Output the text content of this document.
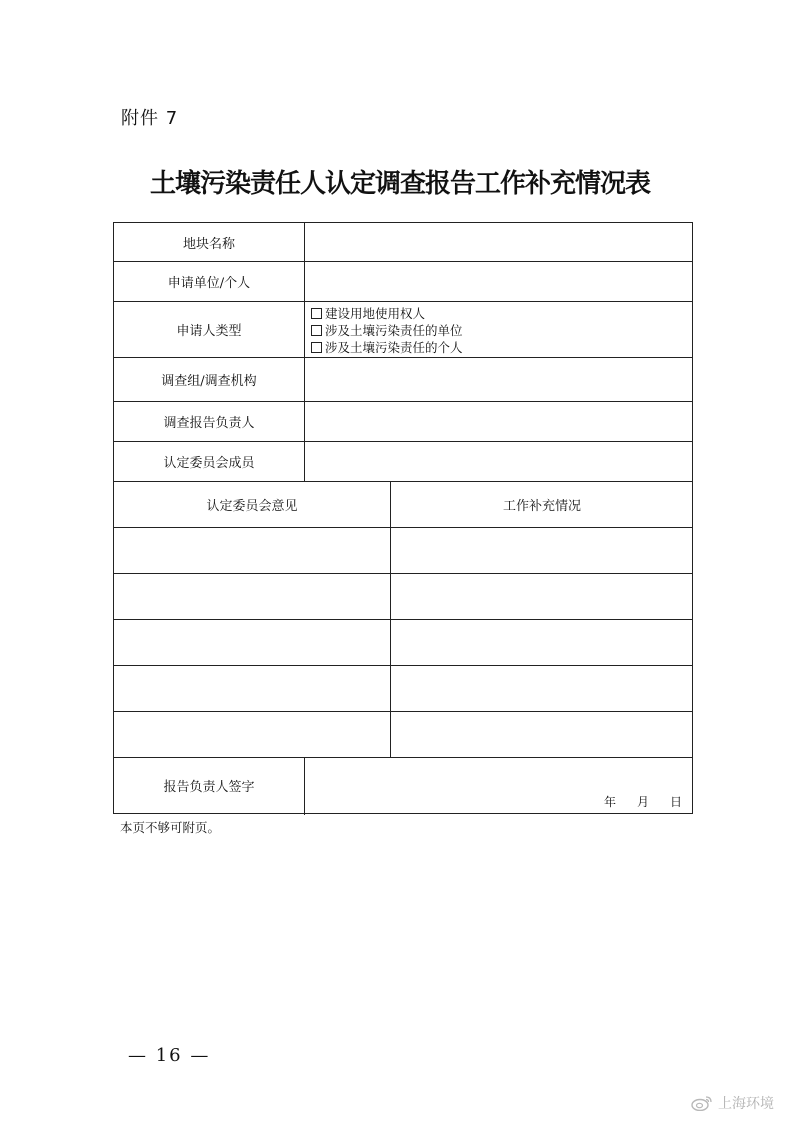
附件 7
土壤污染责任人认定调查报告工作补充情况表
地块名称
申请单位/个人
申请人类型
调查组/调查机构
调查报告负责人
认定委员会成员
建设用地使用权人
涉及土壤污染责任的单位
涉及土壤污染责任的个人
认定委员会意见	工作补充情况
报告负责人签字
年 月 日
本页不够可附页。
— 16 —
上海环境
